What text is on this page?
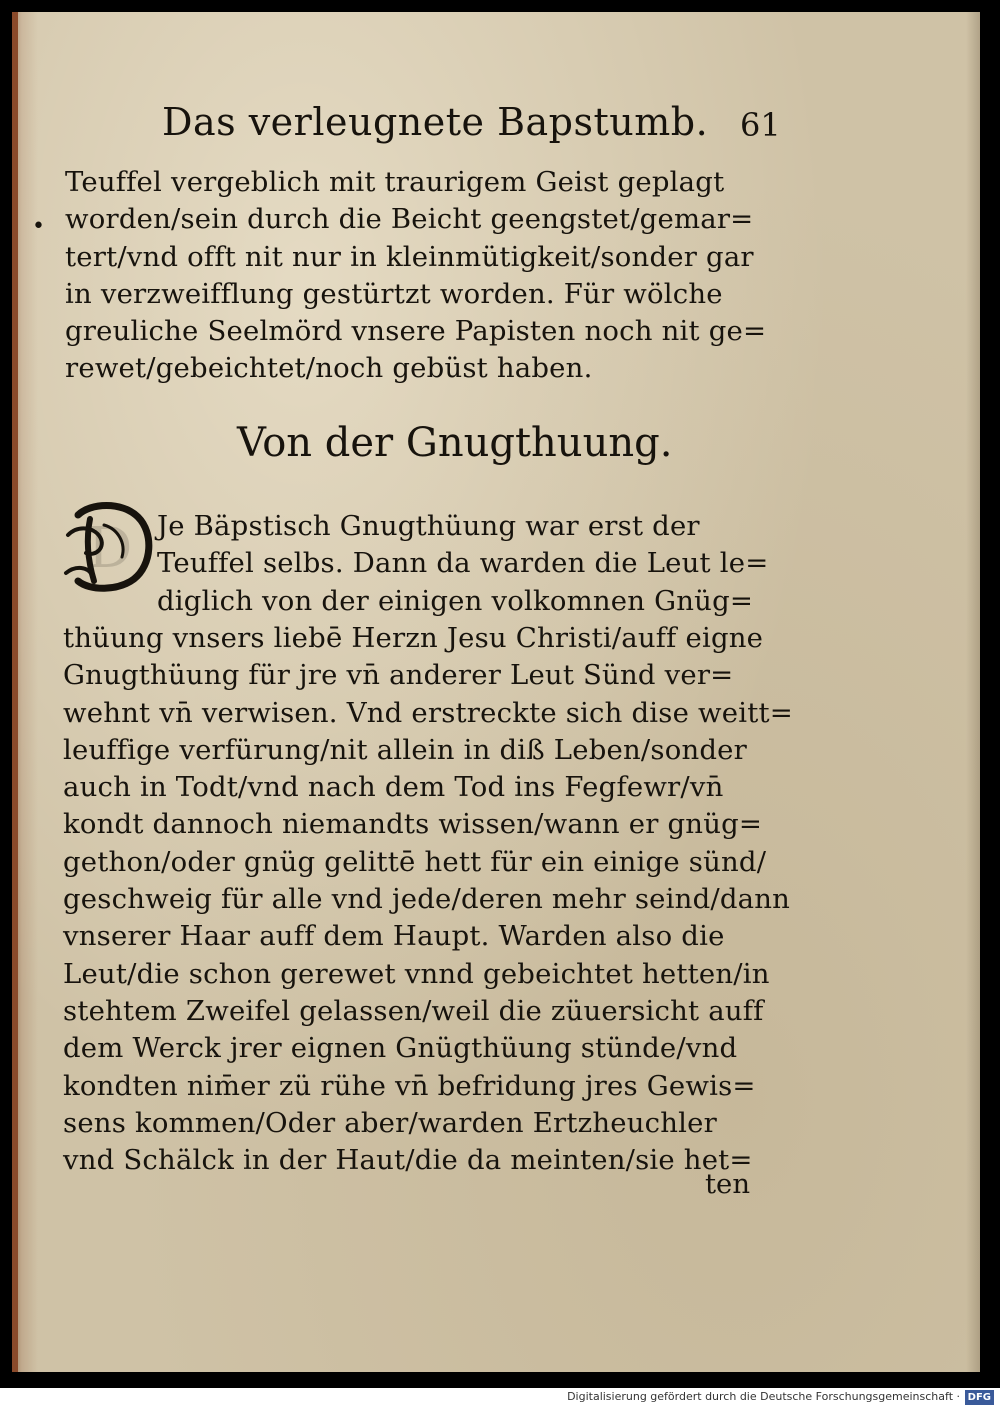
Das verleugnete Bapstumb. 61
•
Teuffel vergeblich mit traurigem Geist geplagt
worden/sein durch die Beicht geengstet/gemar=
tert/vnd offt nit nur in kleinmütigkeit/sonder gar
in verzweifflung gestürtzt worden. Für wölche
greuliche Seelmörd vnsere Papisten noch nit ge=
rewet/gebeichtet/noch gebüst haben.
Von der Gnugthuung.
D Je Bäpstisch Gnugthüung war erst der
Teuffel selbs. Dann da warden die Leut le=
diglich von der einigen volkomnen Gnüg=
thüung vnsers liebē Herzn Jesu Christi/auff eigne
Gnugthüung für jre vn̄ anderer Leut Sünd ver=
wehnt vn̄ verwisen. Vnd erstreckte sich dise weitt=
leuffige verfürung/nit allein in diß Leben/sonder
auch in Todt/vnd nach dem Tod ins Fegfewr/vn̄
kondt dannoch niemandts wissen/wann er gnüg=
gethon/oder gnüg gelittē hett für ein einige sünd/
geschweig für alle vnd jede/deren mehr seind/dann
vnserer Haar auff dem Haupt. Warden also die
Leut/die schon gerewet vnnd gebeichtet hetten/in
stehtem Zweifel gelassen/weil die züuersicht auff
dem Werck jrer eignen Gnügthüung stünde/vnd
kondten nim̄er zü rühe vn̄ befridung jres Gewis=
sens kommen/Oder aber/warden Ertzheuchler
vnd Schälck in der Haut/die da meinten/sie het=
ten
Digitalisierung gefördert durch die Deutsche Forschungsgemeinschaft · DFG
